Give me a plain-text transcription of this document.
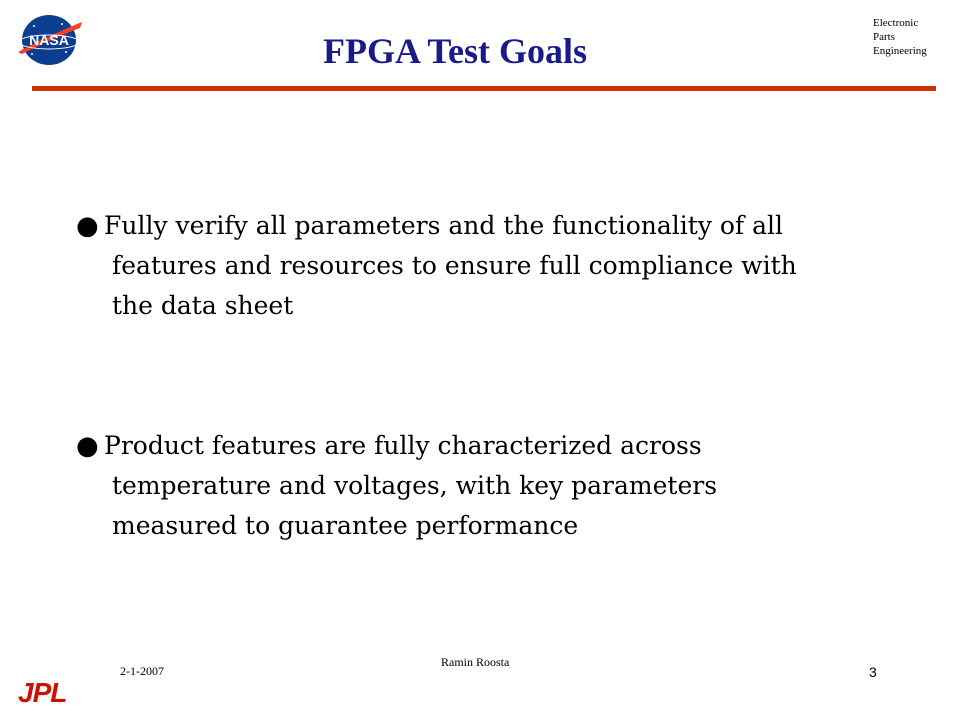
NASA	FPGA Test Goals
Electronic
Parts
Engineering
● Fully verify all parameters and the functionality of all
features and resources to ensure full compliance with
the data sheet
● Product features are fully characterized across
temperature and voltages, with key parameters
measured to guarantee performance
2-1-2007
Ramin Roosta
3
JPL
